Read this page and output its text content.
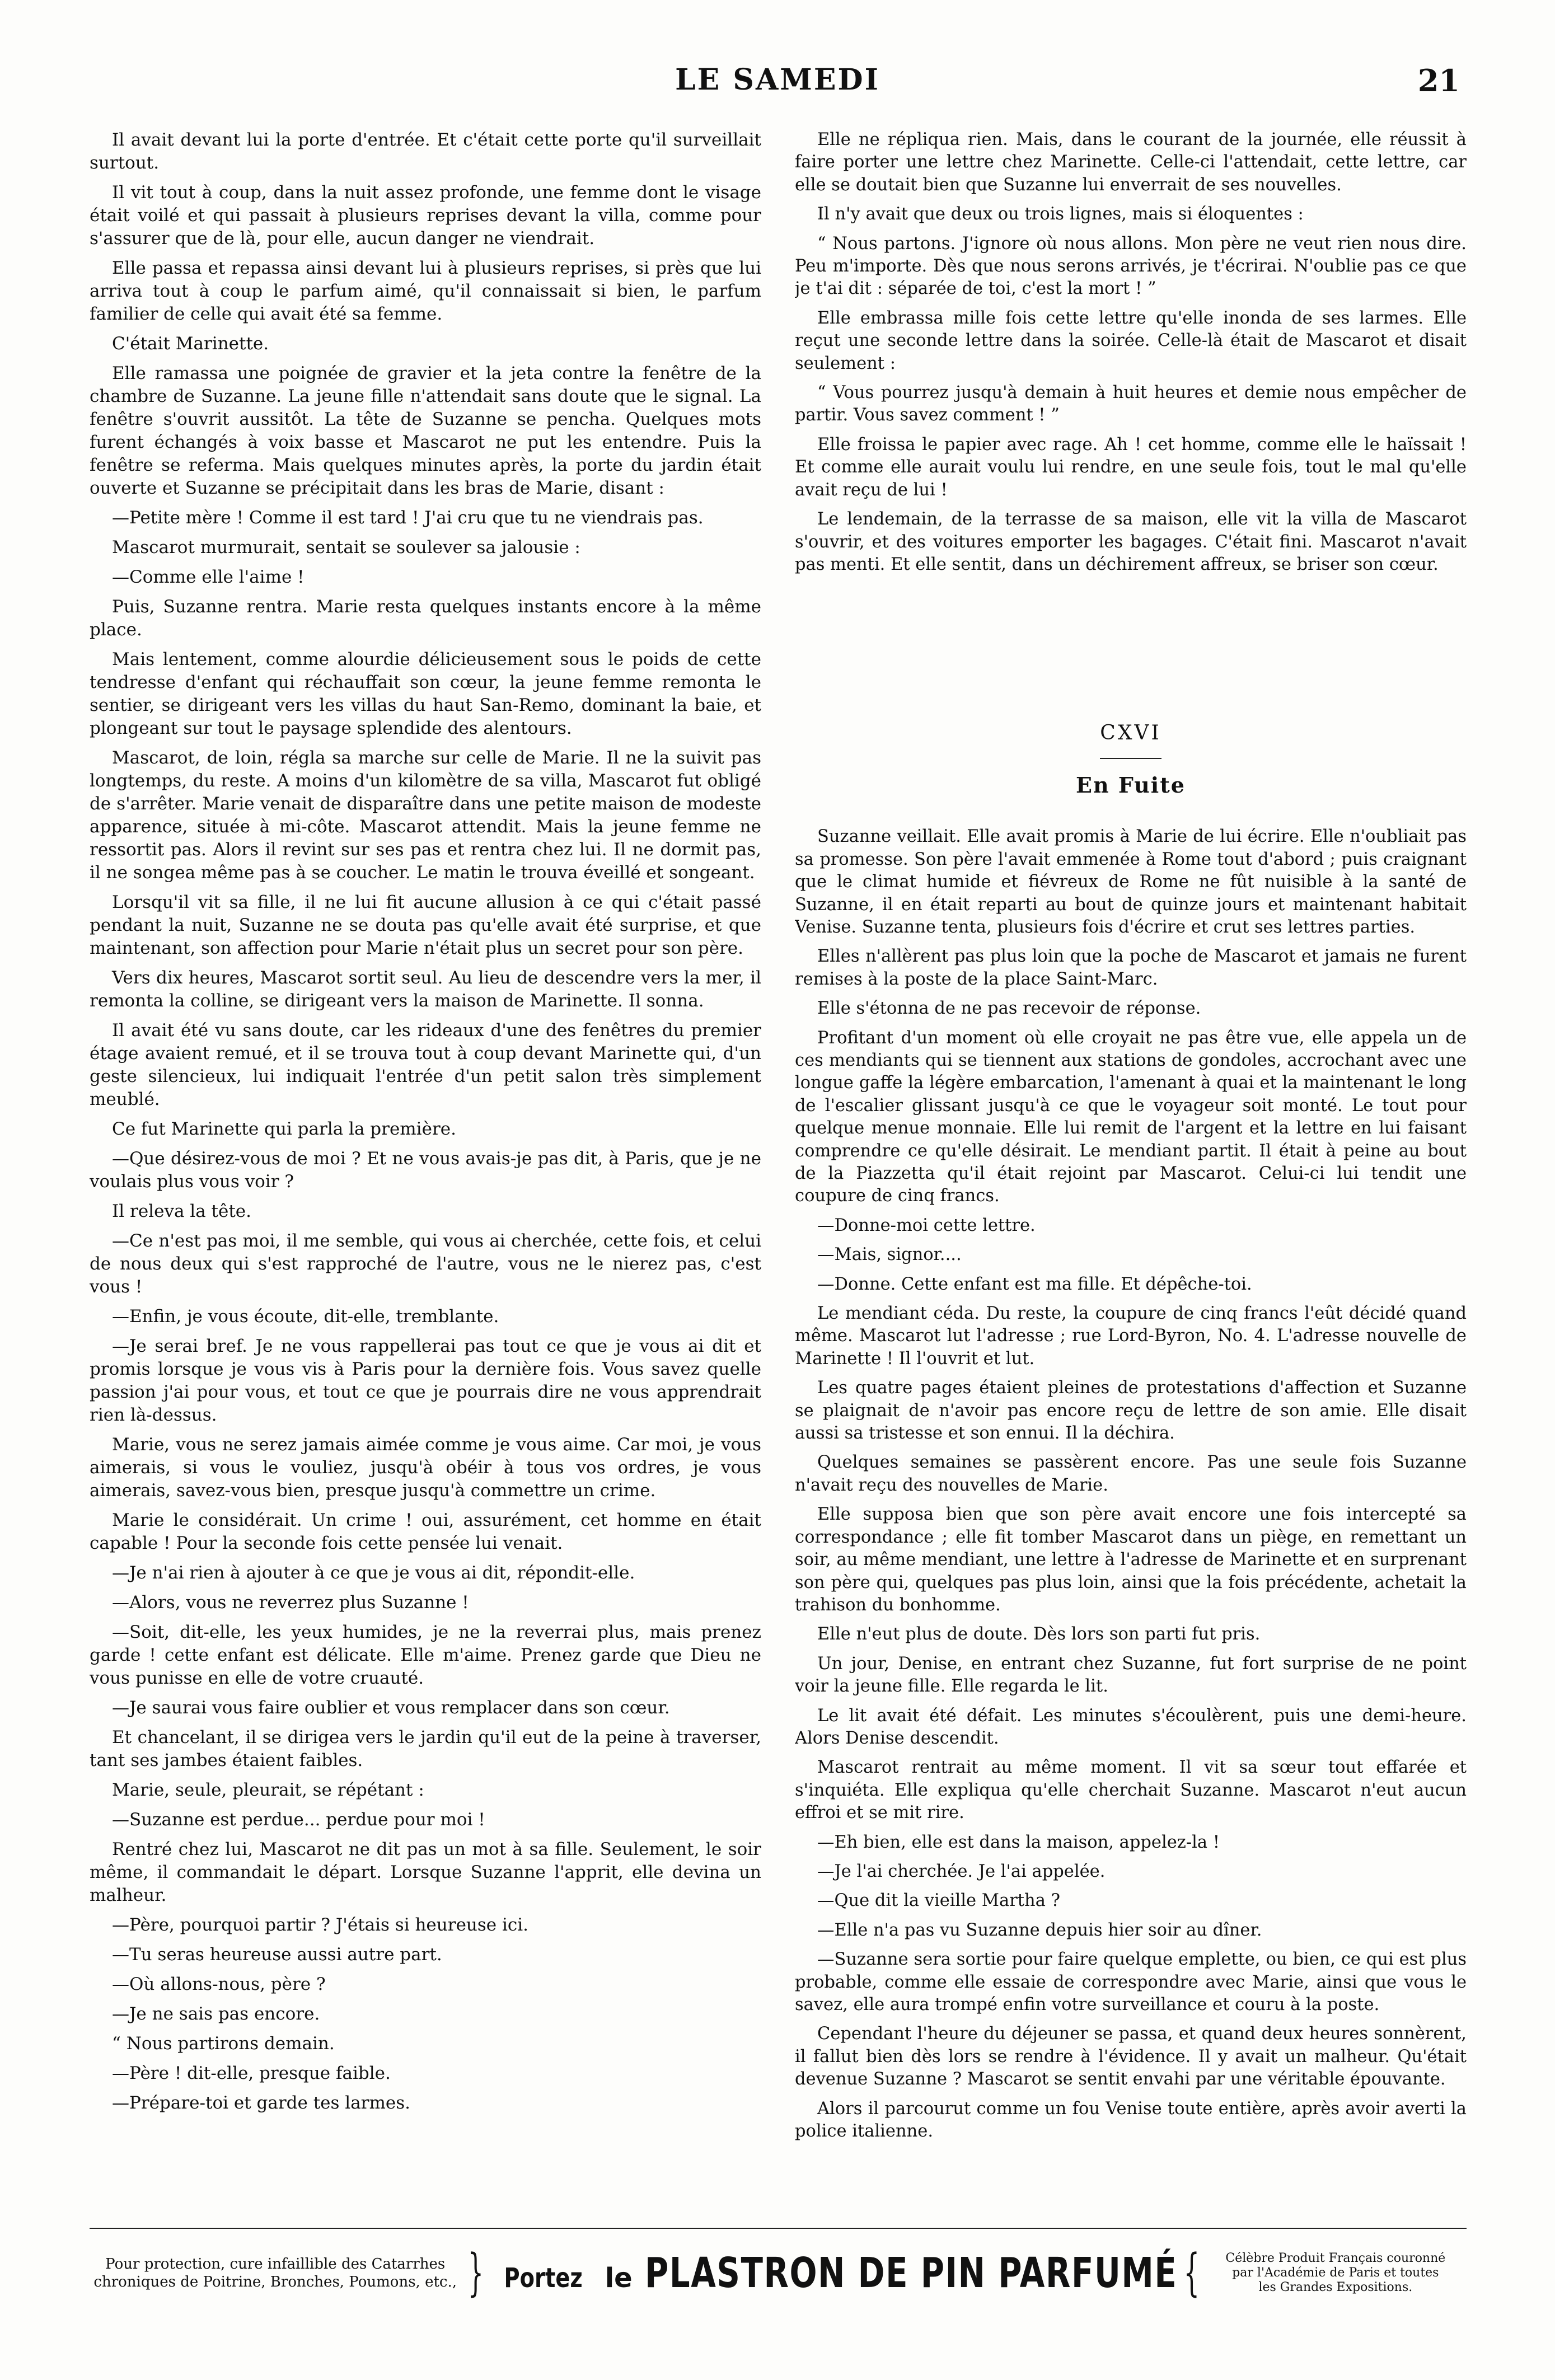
LE SAMEDI	21

Il avait devant lui la porte d'entrée. Et c'était cette porte qu'il surveillait surtout.

Il vit tout à coup, dans la nuit assez profonde, une femme dont le visage était voilé et qui passait à plusieurs reprises devant la villa, comme pour s'assurer que de là, pour elle, aucun danger ne viendrait.

Elle passa et repassa ainsi devant lui à plusieurs reprises, si près que lui arriva tout à coup le parfum aimé, qu'il connaissait si bien, le parfum familier de celle qui avait été sa femme.

C'était Marinette.

Elle ramassa une poignée de gravier et la jeta contre la fenêtre de la chambre de Suzanne. La jeune fille n'attendait sans doute que le signal. La fenêtre s'ouvrit aussitôt. La tête de Suzanne se pencha. Quelques mots furent échangés à voix basse et Mascarot ne put les entendre. Puis la fenêtre se referma. Mais quelques minutes après, la porte du jardin était ouverte et Suzanne se précipitait dans les bras de Marie, disant :

—Petite mère ! Comme il est tard ! J'ai cru que tu ne viendrais pas.

Mascarot murmurait, sentait se soulever sa jalousie :

—Comme elle l'aime !

Puis, Suzanne rentra. Marie resta quelques instants encore à la même place.

Mais lentement, comme alourdie délicieusement sous le poids de cette tendresse d'enfant qui réchauffait son cœur, la jeune femme remonta le sentier, se dirigeant vers les villas du haut San-Remo, dominant la baie, et plongeant sur tout le paysage splendide des alentours.

Mascarot, de loin, régla sa marche sur celle de Marie. Il ne la suivit pas longtemps, du reste. A moins d'un kilomètre de sa villa, Mascarot fut obligé de s'arrêter. Marie venait de disparaître dans une petite maison de modeste apparence, située à mi-côte. Mascarot attendit. Mais la jeune femme ne ressortit pas. Alors il revint sur ses pas et rentra chez lui. Il ne dormit pas, il ne songea même pas à se coucher. Le matin le trouva éveillé et songeant.

Lorsqu'il vit sa fille, il ne lui fit aucune allusion à ce qui c'était passé pendant la nuit, Suzanne ne se douta pas qu'elle avait été surprise, et que maintenant, son affection pour Marie n'était plus un secret pour son père.

Vers dix heures, Mascarot sortit seul. Au lieu de descendre vers la mer, il remonta la colline, se dirigeant vers la maison de Marinette. Il sonna.

Il avait été vu sans doute, car les rideaux d'une des fenêtres du premier étage avaient remué, et il se trouva tout à coup devant Marinette qui, d'un geste silencieux, lui indiquait l'entrée d'un petit salon très simplement meublé.

Ce fut Marinette qui parla la première.

—Que désirez-vous de moi ? Et ne vous avais-je pas dit, à Paris, que je ne voulais plus vous voir ?

Il releva la tête.

—Ce n'est pas moi, il me semble, qui vous ai cherchée, cette fois, et celui de nous deux qui s'est rapproché de l'autre, vous ne le nierez pas, c'est vous !

—Enfin, je vous écoute, dit-elle, tremblante.

—Je serai bref. Je ne vous rappellerai pas tout ce que je vous ai dit et promis lorsque je vous vis à Paris pour la dernière fois. Vous savez quelle passion j'ai pour vous, et tout ce que je pourrais dire ne vous apprendrait rien là-dessus.

Marie, vous ne serez jamais aimée comme je vous aime. Car moi, je vous aimerais, si vous le vouliez, jusqu'à obéir à tous vos ordres, je vous aimerais, savez-vous bien, presque jusqu'à commettre un crime.

Marie le considérait. Un crime ! oui, assurément, cet homme en était capable ! Pour la seconde fois cette pensée lui venait.

—Je n'ai rien à ajouter à ce que je vous ai dit, répondit-elle.

—Alors, vous ne reverrez plus Suzanne !

—Soit, dit-elle, les yeux humides, je ne la reverrai plus, mais prenez garde ! cette enfant est délicate. Elle m'aime. Prenez garde que Dieu ne vous punisse en elle de votre cruauté.

—Je saurai vous faire oublier et vous remplacer dans son cœur.

Et chancelant, il se dirigea vers le jardin qu'il eut de la peine à traverser, tant ses jambes étaient faibles.

Marie, seule, pleurait, se répétant :

—Suzanne est perdue... perdue pour moi !

Rentré chez lui, Mascarot ne dit pas un mot à sa fille. Seulement, le soir même, il commandait le départ. Lorsque Suzanne l'apprit, elle devina un malheur.

—Père, pourquoi partir ? J'étais si heureuse ici.

—Tu seras heureuse aussi autre part.

—Où allons-nous, père ?

—Je ne sais pas encore.

“ Nous partirons demain.

—Père ! dit-elle, presque faible.

—Prépare-toi et garde tes larmes.

Elle ne répliqua rien. Mais, dans le courant de la journée, elle réussit à faire porter une lettre chez Marinette. Celle-ci l'attendait, cette lettre, car elle se doutait bien que Suzanne lui enverrait de ses nouvelles.

Il n'y avait que deux ou trois lignes, mais si éloquentes :

“ Nous partons. J'ignore où nous allons. Mon père ne veut rien nous dire. Peu m'importe. Dès que nous serons arrivés, je t'écrirai. N'oublie pas ce que je t'ai dit : séparée de toi, c'est la mort ! ”

Elle embrassa mille fois cette lettre qu'elle inonda de ses larmes. Elle reçut une seconde lettre dans la soirée. Celle-là était de Mascarot et disait seulement :

“ Vous pourrez jusqu'à demain à huit heures et demie nous empêcher de partir. Vous savez comment ! ”

Elle froissa le papier avec rage. Ah ! cet homme, comme elle le haïssait ! Et comme elle aurait voulu lui rendre, en une seule fois, tout le mal qu'elle avait reçu de lui !

Le lendemain, de la terrasse de sa maison, elle vit la villa de Mascarot s'ouvrir, et des voitures emporter les bagages. C'était fini. Mascarot n'avait pas menti. Et elle sentit, dans un déchirement affreux, se briser son cœur.

CXVI
En Fuite

Suzanne veillait. Elle avait promis à Marie de lui écrire. Elle n'oubliait pas sa promesse. Son père l'avait emmenée à Rome tout d'abord ; puis craignant que le climat humide et fiévreux de Rome ne fût nuisible à la santé de Suzanne, il en était reparti au bout de quinze jours et maintenant habitait Venise. Suzanne tenta, plusieurs fois d'écrire et crut ses lettres parties.

Elles n'allèrent pas plus loin que la poche de Mascarot et jamais ne furent remises à la poste de la place Saint-Marc.

Elle s'étonna de ne pas recevoir de réponse.

Profitant d'un moment où elle croyait ne pas être vue, elle appela un de ces mendiants qui se tiennent aux stations de gondoles, accrochant avec une longue gaffe la légère embarcation, l'amenant à quai et la maintenant le long de l'escalier glissant jusqu'à ce que le voyageur soit monté. Le tout pour quelque menue monnaie. Elle lui remit de l'argent et la lettre en lui faisant comprendre ce qu'elle désirait. Le mendiant partit. Il était à peine au bout de la Piazzetta qu'il était rejoint par Mascarot. Celui-ci lui tendit une coupure de cinq francs.

—Donne-moi cette lettre.

—Mais, signor....

—Donne. Cette enfant est ma fille. Et dépêche-toi.

Le mendiant céda. Du reste, la coupure de cinq francs l'eût décidé quand même. Mascarot lut l'adresse ; rue Lord-Byron, No. 4. L'adresse nouvelle de Marinette ! Il l'ouvrit et lut.

Les quatre pages étaient pleines de protestations d'affection et Suzanne se plaignait de n'avoir pas encore reçu de lettre de son amie. Elle disait aussi sa tristesse et son ennui. Il la déchira.

Quelques semaines se passèrent encore. Pas une seule fois Suzanne n'avait reçu des nouvelles de Marie.

Elle supposa bien que son père avait encore une fois intercepté sa correspondance ; elle fit tomber Mascarot dans un piège, en remettant un soir, au même mendiant, une lettre à l'adresse de Marinette et en surprenant son père qui, quelques pas plus loin, ainsi que la fois précédente, achetait la trahison du bonhomme.

Elle n'eut plus de doute. Dès lors son parti fut pris.

Un jour, Denise, en entrant chez Suzanne, fut fort surprise de ne point voir la jeune fille. Elle regarda le lit.

Le lit avait été défait. Les minutes s'écoulèrent, puis une demi-heure. Alors Denise descendit.

Mascarot rentrait au même moment. Il vit sa sœur tout effarée et s'inquiéta. Elle expliqua qu'elle cherchait Suzanne. Mascarot n'eut aucun effroi et se mit rire.

—Eh bien, elle est dans la maison, appelez-la !

—Je l'ai cherchée. Je l'ai appelée.

—Que dit la vieille Martha ?

—Elle n'a pas vu Suzanne depuis hier soir au dîner.

—Suzanne sera sortie pour faire quelque emplette, ou bien, ce qui est plus probable, comme elle essaie de correspondre avec Marie, ainsi que vous le savez, elle aura trompé enfin votre surveillance et couru à la poste.

Cependant l'heure du déjeuner se passa, et quand deux heures sonnèrent, il fallut bien dès lors se rendre à l'évidence. Il y avait un malheur. Qu'était devenue Suzanne ? Mascarot se sentit envahi par une véritable épouvante.

Alors il parcourut comme un fou Venise toute entière, après avoir averti la police italienne.

Pour protection, cure infaillible des Catarrhes
chroniques de Poitrine, Bronches, Poumons, etc., } Portez le PLASTRON DE PIN PARFUMÉ {	Célèbre Produit Français couronné
par l'Académie de Paris et toutes
les Grandes Expositions.
